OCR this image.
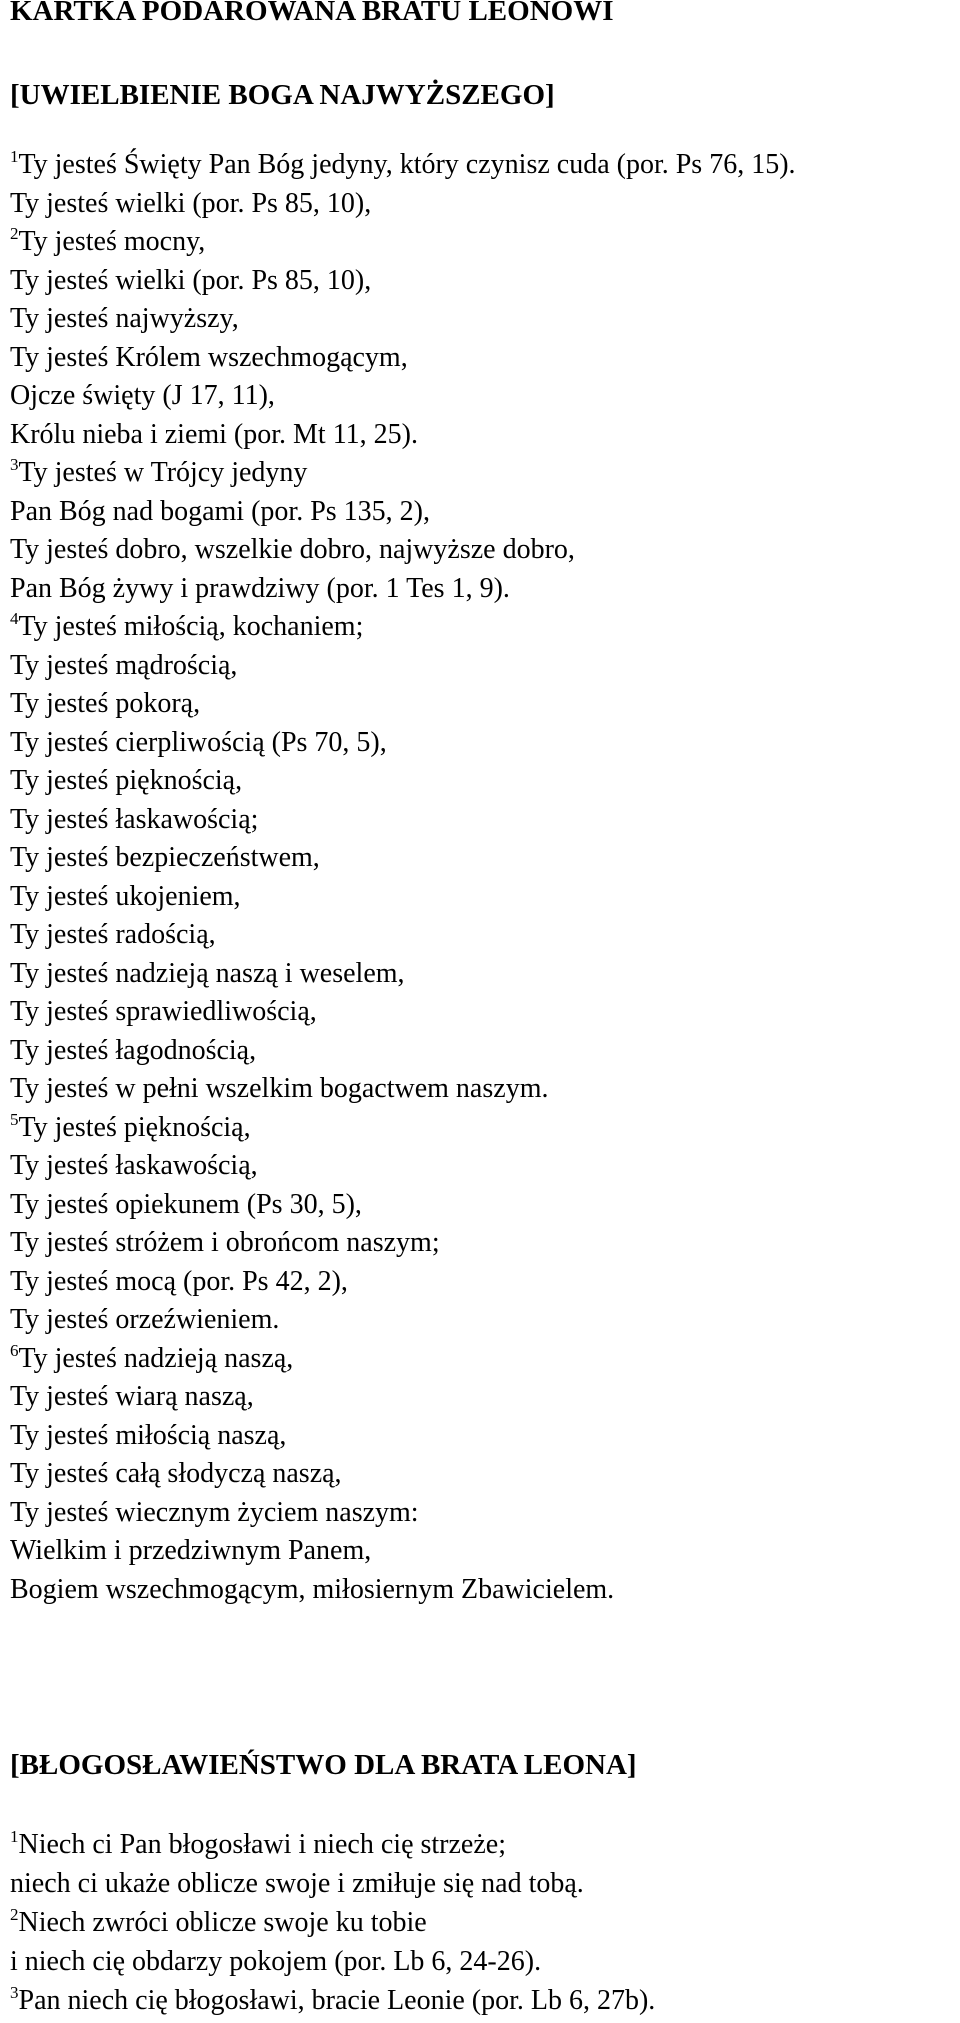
KARTKA PODAROWANA BRATU LEONOWI
[UWIELBIENIE BOGA NAJWYŻSZEGO]
$^1$Ty jesteś Święty Pan Bóg jedyny, który czynisz cuda (por. Ps 76, 15).
Ty jesteś wielki (por. Ps 85, 10),
$^2$Ty jesteś mocny,
Ty jesteś wielki (por. Ps 85, 10),
Ty jesteś najwyższy,
Ty jesteś Królem wszechmogącym,
Ojcze święty (J 17, 11),
Królu nieba i ziemi (por. Mt 11, 25).
$^3$Ty jesteś w Trójcy jedyny
Pan Bóg nad bogami (por. Ps 135, 2),
Ty jesteś dobro, wszelkie dobro, najwyższe dobro,
Pan Bóg żywy i prawdziwy (por. 1 Tes 1, 9).
$^4$Ty jesteś miłością, kochaniem;
Ty jesteś mądrością,
Ty jesteś pokorą,
Ty jesteś cierpliwością (Ps 70, 5),
Ty jesteś pięknością,
Ty jesteś łaskawością;
Ty jesteś bezpieczeństwem,
Ty jesteś ukojeniem,
Ty jesteś radością,
Ty jesteś nadzieją naszą i weselem,
Ty jesteś sprawiedliwością,
Ty jesteś łagodnością,
Ty jesteś w pełni wszelkim bogactwem naszym.
$^5$Ty jesteś pięknością,
Ty jesteś łaskawością,
Ty jesteś opiekunem (Ps 30, 5),
Ty jesteś stróżem i obrońcom naszym;
Ty jesteś mocą (por. Ps 42, 2),
Ty jesteś orzeźwieniem.
$^6$Ty jesteś nadzieją naszą,
Ty jesteś wiarą naszą,
Ty jesteś miłością naszą,
Ty jesteś całą słodyczą naszą,
Ty jesteś wiecznym życiem naszym:
Wielkim i przedziwnym Panem,
Bogiem wszechmogącym, miłosiernym Zbawicielem.
[BŁOGOSŁAWIEŃSTWO DLA BRATA LEONA]
$^1$Niech ci Pan błogosławi i niech cię strzeże;
niech ci ukaże oblicze swoje i zmiłuje się nad tobą.
$^2$Niech zwróci oblicze swoje ku tobie
i niech cię obdarzy pokojem (por. Lb 6, 24-26).
$^3$Pan niech cię błogosławi, bracie Leonie (por. Lb 6, 27b).
